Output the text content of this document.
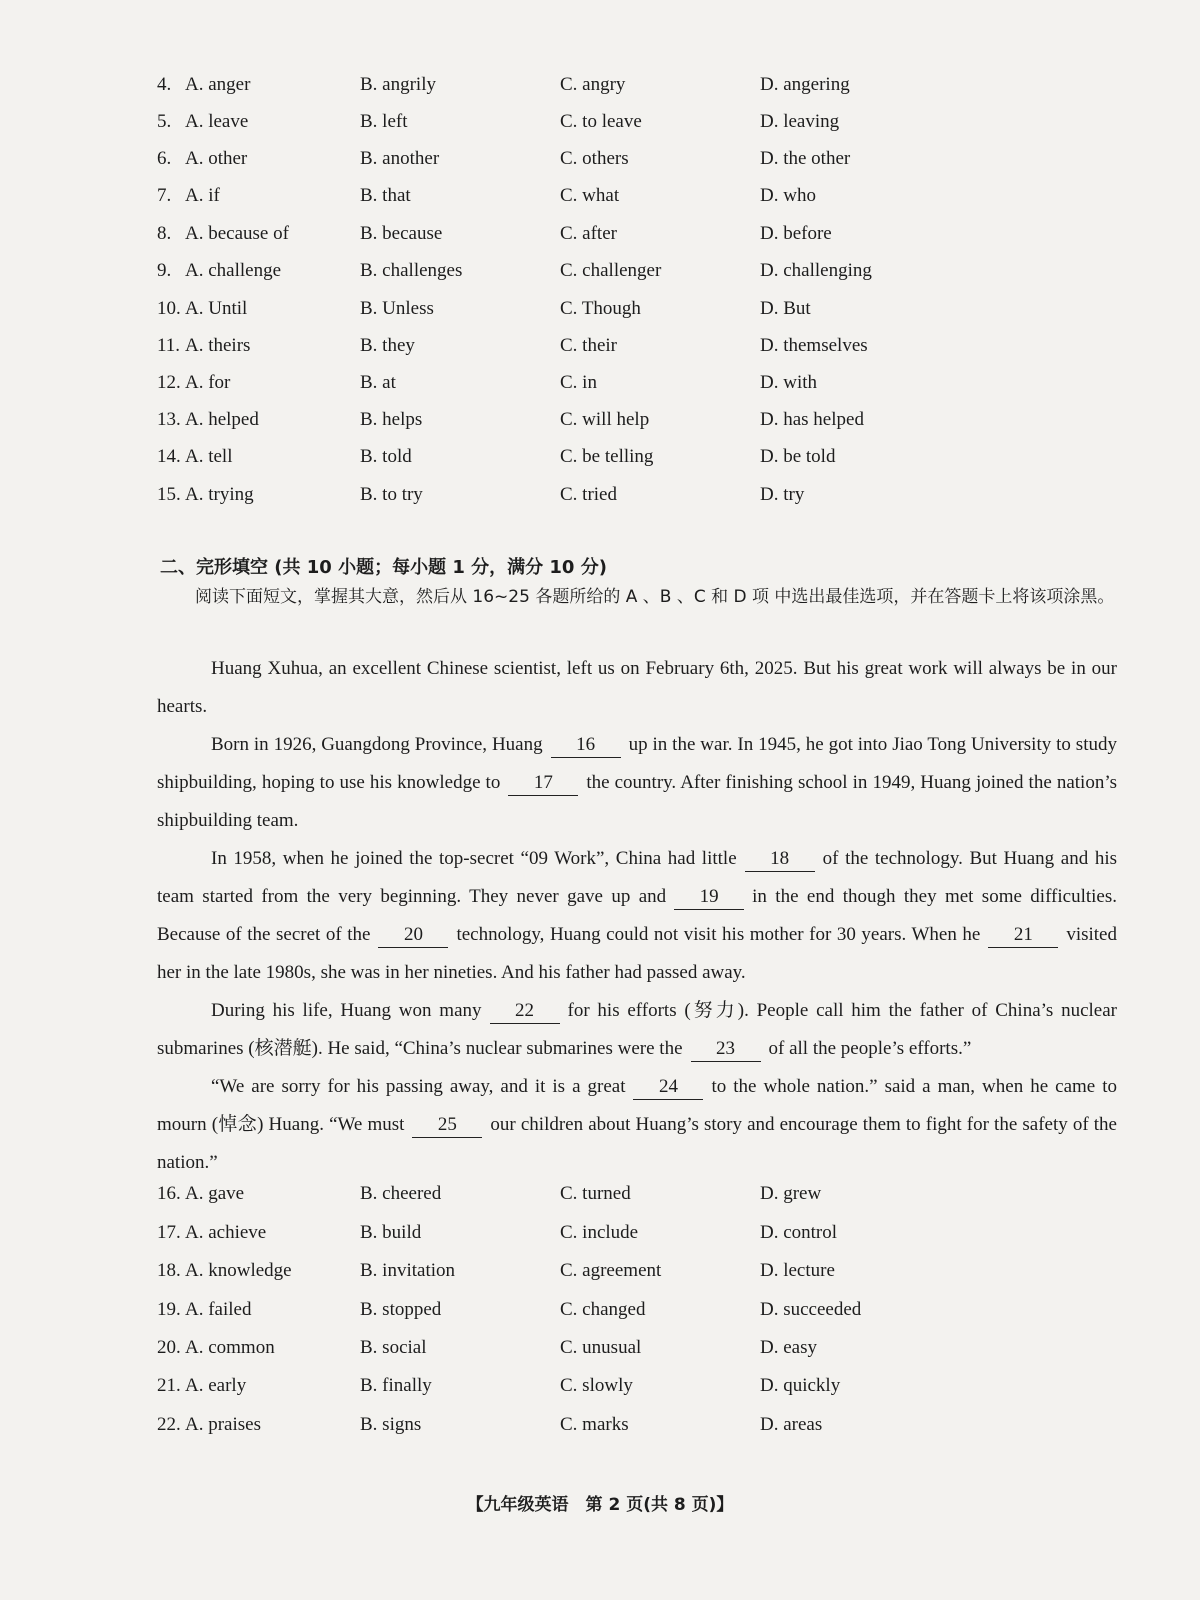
4. A. anger	B. angrily	C. angry	D. angering
5. A. leave	B. left	C. to leave	D. leaving
6. A. other	B. another	C. others	D. the other
7. A. if	B. that	C. what	D. who
8. A. because of	B. because	C. after	D. before
9. A. challenge	B. challenges	C. challenger	D. challenging
10. A. Until	B. Unless	C. Though	D. But
11. A. theirs	B. they	C. their	D. themselves
12. A. for	B. at	C. in	D. with
13. A. helped	B. helps	C. will help	D. has helped
14. A. tell	B. told	C. be telling	D. be told
15. A. trying	B. to try	C. tried	D. try
二、完形填空 (共 10 小题；每小题 1 分，满分 10 分)
阅读下面短文，掌握其大意，然后从 16~25 各题所给的 A 、B 、C 和 D 项 中选出最佳选项，并在答题卡上将该项涂黑。
Huang Xuhua, an excellent Chinese scientist, left us on February 6th, 2025. But his great work will always be in our hearts.
Born in 1926, Guangdong Province, Huang 16 up in the war. In 1945, he got into Jiao Tong University to study shipbuilding, hoping to use his knowledge to 17 the country. After finishing school in 1949, Huang joined the nation’s shipbuilding team.
In 1958, when he joined the top-secret “09 Work”, China had little 18 of the technology. But Huang and his team started from the very beginning. They never gave up and 19 in the end though they met some difficulties. Because of the secret of the 20 technology, Huang could not visit his mother for 30 years. When he 21 visited her in the late 1980s, she was in her nineties. And his father had passed away.
During his life, Huang won many 22 for his efforts (努力). People call him the father of China’s nuclear submarines (核潜艇). He said, “China’s nuclear submarines were the 23 of all the people’s efforts.”
“We are sorry for his passing away, and it is a great 24 to the whole nation.” said a man, when he came to mourn (悼念) Huang. “We must 25 our children about Huang’s story and encourage them to fight for the safety of the nation.”
16. A. gave	B. cheered	C. turned	D. grew
17. A. achieve	B. build	C. include	D. control
18. A. knowledge	B. invitation	C. agreement	D. lecture
19. A. failed	B. stopped	C. changed	D. succeeded
20. A. common	B. social	C. unusual	D. easy
21. A. early	B. finally	C. slowly	D. quickly
22. A. praises	B. signs	C. marks	D. areas
【九年级英语　第 2 页(共 8 页)】
